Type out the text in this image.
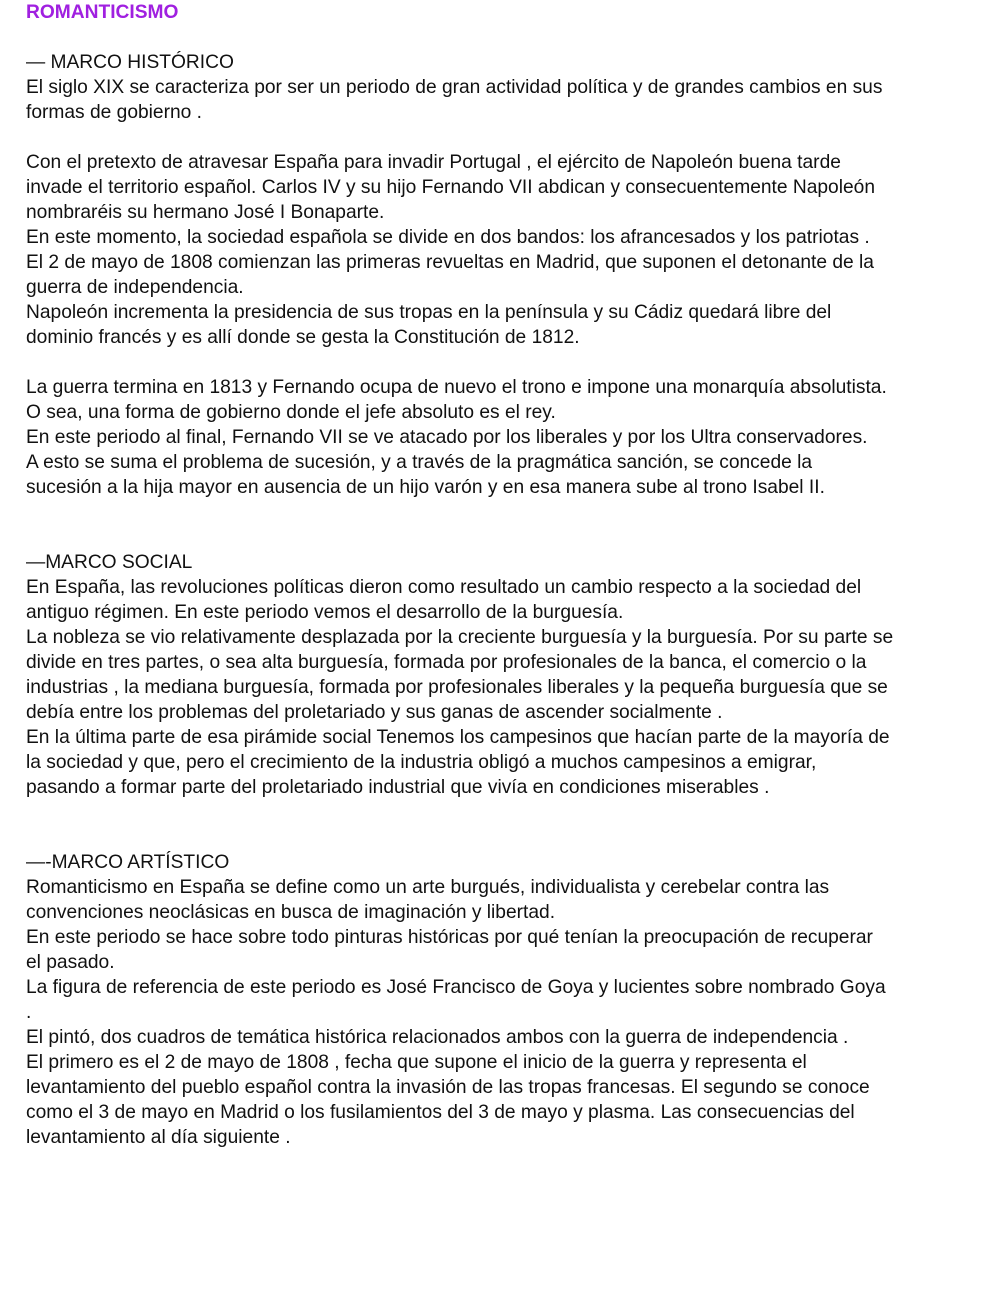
ROMANTICISMO
— MARCO HISTÓRICO
El siglo XIX se caracteriza por ser un periodo de gran actividad política y de grandes cambios en sus
formas de gobierno .
Con el pretexto de atravesar España para invadir Portugal , el ejército de Napoleón buena tarde
invade el territorio español. Carlos IV y su hijo Fernando VII abdican y consecuentemente Napoleón
nombraréis su hermano José I Bonaparte.
En este momento, la sociedad española se divide en dos bandos: los afrancesados y los patriotas .
El 2 de mayo de 1808 comienzan las primeras revueltas en Madrid, que suponen el detonante de la
guerra de independencia.
Napoleón incrementa la presidencia de sus tropas en la península y su Cádiz quedará libre del
dominio francés y es allí donde se gesta la Constitución de 1812.
La guerra termina en 1813 y Fernando ocupa de nuevo el trono e impone una monarquía absolutista.
O sea, una forma de gobierno donde el jefe absoluto es el rey.
En este periodo al final, Fernando VII se ve atacado por los liberales y por los Ultra conservadores.
A esto se suma el problema de sucesión, y a través de la pragmática sanción, se concede la
sucesión a la hija mayor en ausencia de un hijo varón y en esa manera sube al trono Isabel II.
—MARCO SOCIAL
En España, las revoluciones políticas dieron como resultado un cambio respecto a la sociedad del
antiguo régimen. En este periodo vemos el desarrollo de la burguesía.
La nobleza se vio relativamente desplazada por la creciente burguesía y la burguesía. Por su parte se
divide en tres partes, o sea alta burguesía, formada por profesionales de la banca, el comercio o la
industrias , la mediana burguesía, formada por profesionales liberales y la pequeña burguesía que se
debía entre los problemas del proletariado y sus ganas de ascender socialmente .
En la última parte de esa pirámide social Tenemos los campesinos que hacían parte de la mayoría de
la sociedad y que, pero el crecimiento de la industria obligó a muchos campesinos a emigrar,
pasando a formar parte del proletariado industrial que vivía en condiciones miserables .
—-MARCO ARTÍSTICO
Romanticismo en España se define como un arte burgués, individualista y cerebelar contra las
convenciones neoclásicas en busca de imaginación y libertad.
En este periodo se hace sobre todo pinturas históricas por qué tenían la preocupación de recuperar
el pasado.
La figura de referencia de este periodo es José Francisco de Goya y lucientes sobre nombrado Goya
.
El pintó, dos cuadros de temática histórica relacionados ambos con la guerra de independencia .
El primero es el 2 de mayo de 1808 , fecha que supone el inicio de la guerra y representa el
levantamiento del pueblo español contra la invasión de las tropas francesas. El segundo se conoce
como el 3 de mayo en Madrid o los fusilamientos del 3 de mayo y plasma. Las consecuencias del
levantamiento al día siguiente .
